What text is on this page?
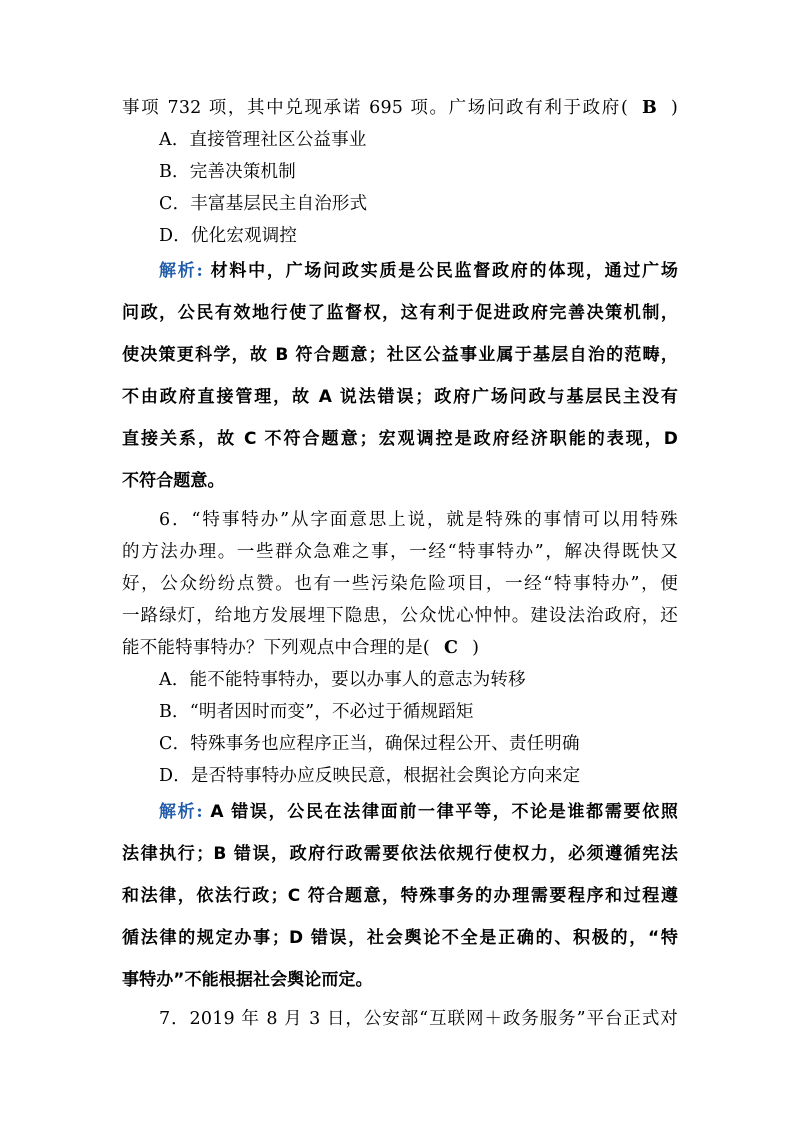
事项 732 项，其中兑现承诺 695 项。广场问政有利于政府( B )
A．直接管理社区公益事业
B．完善决策机制
C．丰富基层民主自治形式
D．优化宏观调控
解析: 材料中，广场问政实质是公民监督政府的体现，通过广场
问政，公民有效地行使了监督权，这有利于促进政府完善决策机制，
使决策更科学，故 B 符合题意；社区公益事业属于基层自治的范畴，
不由政府直接管理，故 A 说法错误；政府广场问政与基层民主没有
直接关系，故 C 不符合题意；宏观调控是政府经济职能的表现，D
不符合题意。
6．“特事特办”从字面意思上说，就是特殊的事情可以用特殊
的方法办理。一些群众急难之事，一经“特事特办”，解决得既快又
好，公众纷纷点赞。也有一些污染危险项目，一经“特事特办”，便
一路绿灯，给地方发展埋下隐患，公众忧心忡忡。建设法治政府，还
能不能特事特办？下列观点中合理的是( C )
A．能不能特事特办，要以办事人的意志为转移
B．“明者因时而变”，不必过于循规蹈矩
C．特殊事务也应程序正当，确保过程公开、责任明确
D．是否特事特办应反映民意，根据社会舆论方向来定
解析: A 错误，公民在法律面前一律平等，不论是谁都需要依照
法律执行；B 错误，政府行政需要依法依规行使权力，必须遵循宪法
和法律，依法行政；C 符合题意，特殊事务的办理需要程序和过程遵
循法律的规定办事；D 错误，社会舆论不全是正确的、积极的，“特
事特办”不能根据社会舆论而定。
7．2019 年 8 月 3 日，公安部“互联网＋政务服务”平台正式对
